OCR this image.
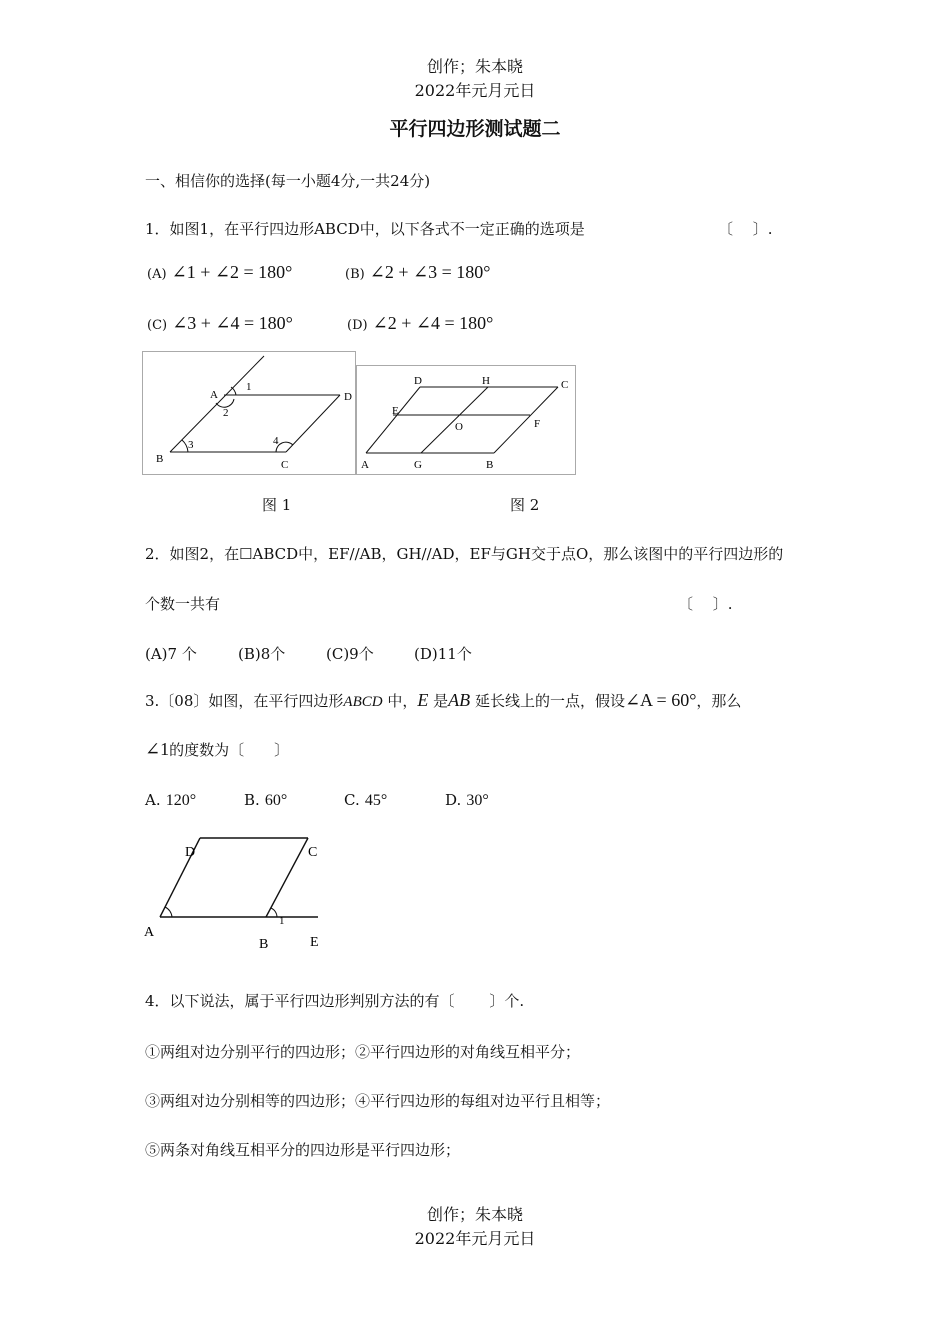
创作；朱本晓
2022年元月元日
平行四边形测试题二
一、相信你的选择(每一小题4分,一共24分)
1．如图1，在平行四边形ABCD中，以下各式不一定正确的选项是	〔　 〕.
(A) ∠1 + ∠2 = 180°	(B) ∠2 + ∠3 = 180°
(C) ∠3 + ∠4 = 180°	(D) ∠2 + ∠4 = 180°
A
B	C
D
1
2
3	4
D	H	C
E
O	F
A	G	B
图 1	图 2
2．如图2，在☐ABCD中，EF//AB，GH//AD，EF与GH交于点O，那么该图中的平行四边形的
个数一共有	〔　 〕.
(A)7 个	(B)8个	(C)9个	(D)11个
3.〔08〕如图，在平行四边形ABCD 中，E 是AB 延长线上的一点，假设∠A = 60°，那么
∠1的度数为〔　　〕
A. 120°	B. 60°	C. 45°	D. 30°
D	C
A
B	E
1
4．以下说法，属于平行四边形判别方法的有〔　　 〕个.
①两组对边分别平行的四边形；②平行四边形的对角线互相平分；
③两组对边分别相等的四边形；④平行四边形的每组对边平行且相等；
⑤两条对角线互相平分的四边形是平行四边形；
创作；朱本晓
2022年元月元日
